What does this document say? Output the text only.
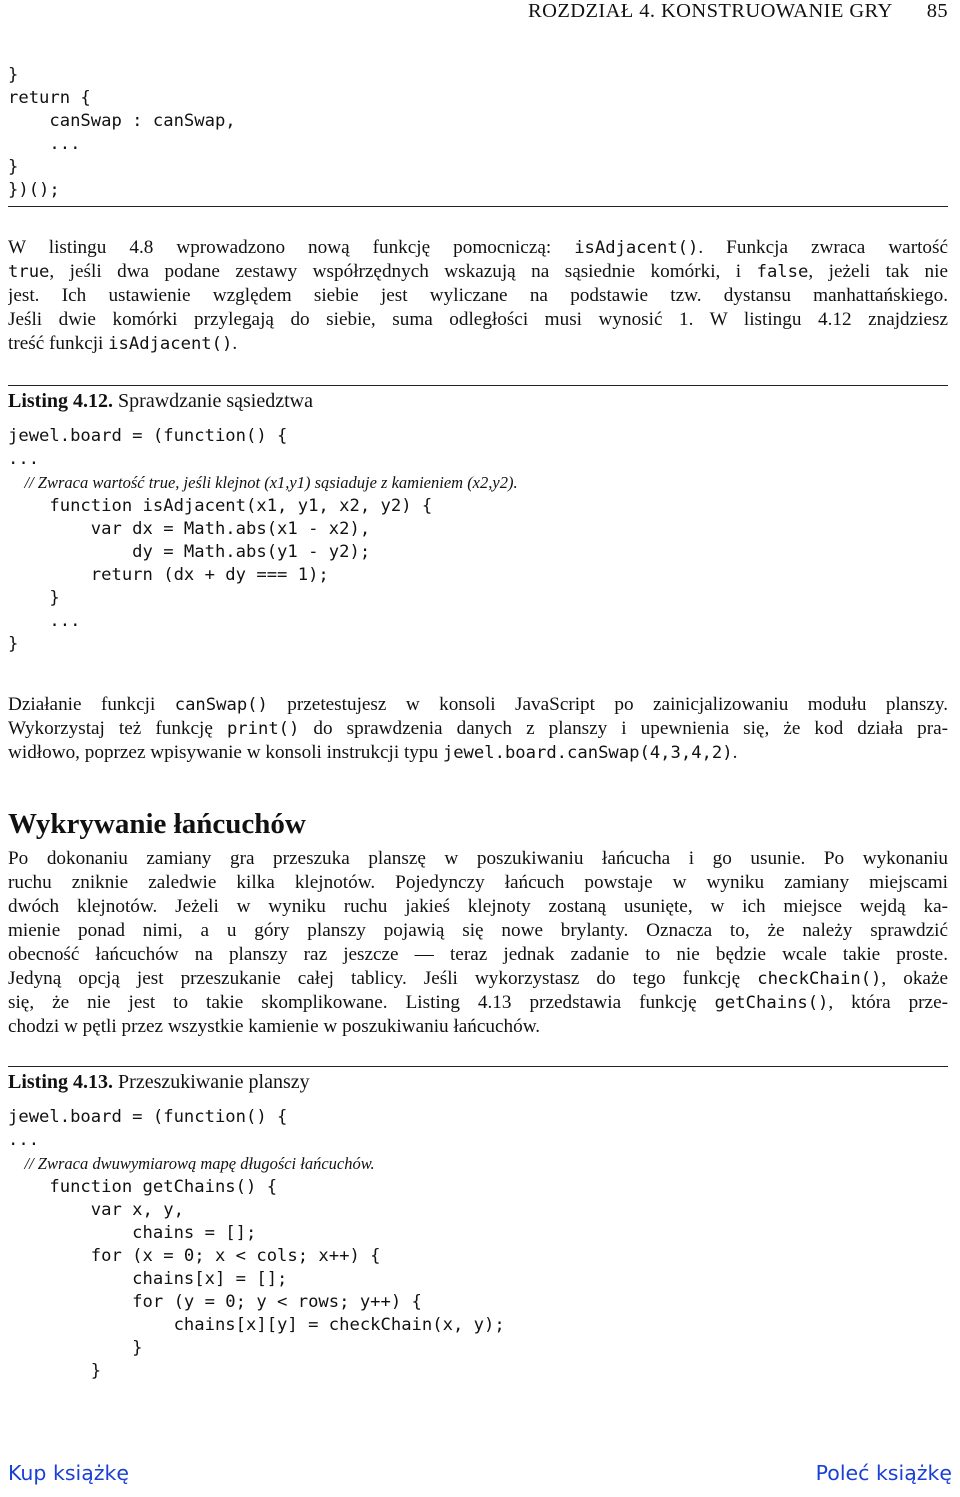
ROZDZIAŁ 4. KONSTRUOWANIE GRY 85
}
return {
canSwap : canSwap,
...
}
})();
W listingu 4.8 wprowadzono nową funkcję pomocniczą: isAdjacent(). Funkcja zwraca wartość
true, jeśli dwa podane zestawy współrzędnych wskazują na sąsiednie komórki, i false, jeżeli tak nie
jest. Ich ustawienie względem siebie jest wyliczane na podstawie tzw. dystansu manhattańskiego.
Jeśli dwie komórki przylegają do siebie, suma odległości musi wynosić 1. W listingu 4.12 znajdziesz
treść funkcji isAdjacent().
Listing 4.12. Sprawdzanie sąsiedztwa
jewel.board = (function() {
...
// Zwraca wartość true, jeśli klejnot (x1,y1) sąsiaduje z kamieniem (x2,y2).
function isAdjacent(x1, y1, x2, y2) {
var dx = Math.abs(x1 - x2),
dy = Math.abs(y1 - y2);
return (dx + dy === 1);
}
...
}
Działanie funkcji canSwap() przetestujesz w konsoli JavaScript po zainicjalizowaniu modułu planszy.
Wykorzystaj też funkcję print() do sprawdzenia danych z planszy i upewnienia się, że kod działa pra-
widłowo, poprzez wpisywanie w konsoli instrukcji typu jewel.board.canSwap(4,3,4,2).
Wykrywanie łańcuchów
Po dokonaniu zamiany gra przeszuka planszę w poszukiwaniu łańcucha i go usunie. Po wykonaniu
ruchu zniknie zaledwie kilka klejnotów. Pojedynczy łańcuch powstaje w wyniku zamiany miejscami
dwóch klejnotów. Jeżeli w wyniku ruchu jakieś klejnoty zostaną usunięte, w ich miejsce wejdą ka-
mienie ponad nimi, a u góry planszy pojawią się nowe brylanty. Oznacza to, że należy sprawdzić
obecność łańcuchów na planszy raz jeszcze — teraz jednak zadanie to nie będzie wcale takie proste.
Jedyną opcją jest przeszukanie całej tablicy. Jeśli wykorzystasz do tego funkcję checkChain(), okaże
się, że nie jest to takie skomplikowane. Listing 4.13 przedstawia funkcję getChains(), która prze-
chodzi w pętli przez wszystkie kamienie w poszukiwaniu łańcuchów.
Listing 4.13. Przeszukiwanie planszy
jewel.board = (function() {
...
// Zwraca dwuwymiarową mapę długości łańcuchów.
function getChains() {
var x, y,
chains = [];
for (x = 0; x < cols; x++) {
chains[x] = [];
for (y = 0; y < rows; y++) {
chains[x][y] = checkChain(x, y);
}
}
Kup książkę	Poleć książkę
